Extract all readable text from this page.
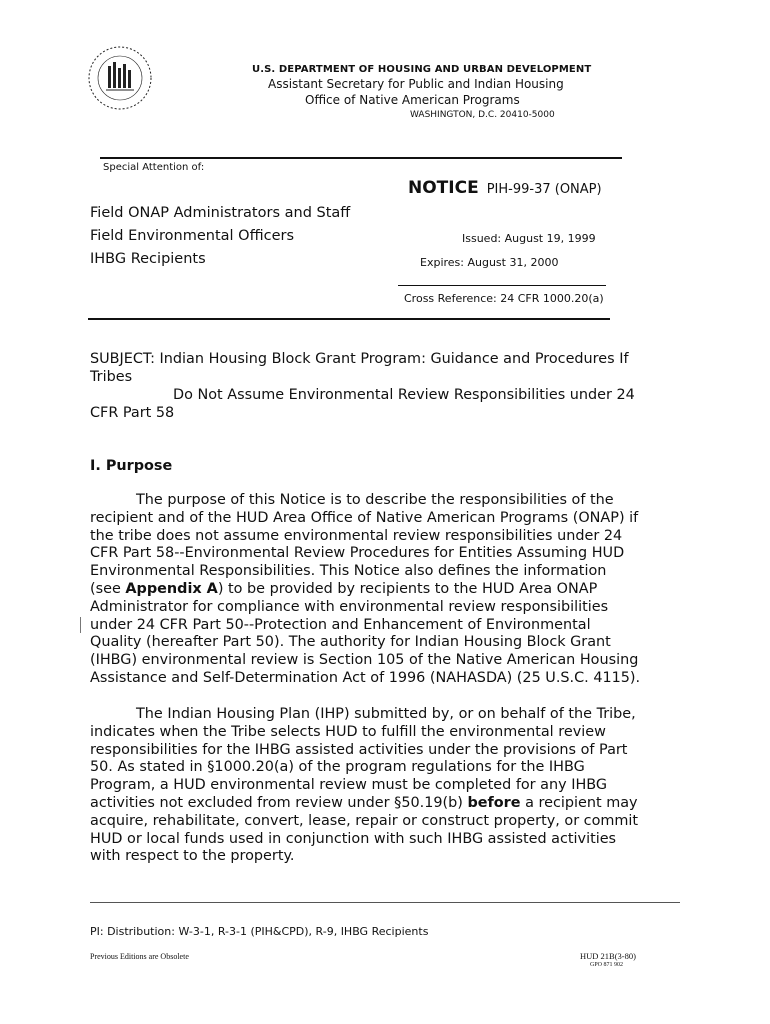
U.S. DEPARTMENT OF HOUSING AND URBAN DEVELOPMENT
Assistant Secretary for Public and Indian Housing
Office of Native American Programs
WASHINGTON, D.C. 20410-5000
Special Attention of:
NOTICE PIH-99-37 (ONAP)
Field ONAP Administrators and Staff
Field Environmental Officers
IHBG Recipients
Issued: August 19, 1999
Expires: August 31, 2000
Cross Reference: 24 CFR 1000.20(a)
SUBJECT: Indian Housing Block Grant Program: Guidance and Procedures If
Tribes
Do Not Assume Environmental Review Responsibilities under 24
CFR Part 58
I. Purpose
The purpose of this Notice is to describe the responsibilities of the
recipient and of the HUD Area Office of Native American Programs (ONAP) if
the tribe does not assume environmental review responsibilities under 24
CFR Part 58--Environmental Review Procedures for Entities Assuming HUD
Environmental Responsibilities. This Notice also defines the information
(see Appendix A) to be provided by recipients to the HUD Area ONAP
Administrator for compliance with environmental review responsibilities
under 24 CFR Part 50--Protection and Enhancement of Environmental
Quality (hereafter Part 50). The authority for Indian Housing Block Grant
(IHBG) environmental review is Section 105 of the Native American Housing
Assistance and Self-Determination Act of 1996 (NAHASDA) (25 U.S.C. 4115).
The Indian Housing Plan (IHP) submitted by, or on behalf of the Tribe,
indicates when the Tribe selects HUD to fulfill the environmental review
responsibilities for the IHBG assisted activities under the provisions of Part
50. As stated in §1000.20(a) of the program regulations for the IHBG
Program, a HUD environmental review must be completed for any IHBG
activities not excluded from review under §50.19(b) before a recipient may
acquire, rehabilitate, convert, lease, repair or construct property, or commit
HUD or local funds used in conjunction with such IHBG assisted activities
with respect to the property.
PI: Distribution: W-3-1, R-3-1 (PIH&CPD), R-9, IHBG Recipients
Previous Editions are Obsolete	HUD 21B(3-80)
GPO 871 902
